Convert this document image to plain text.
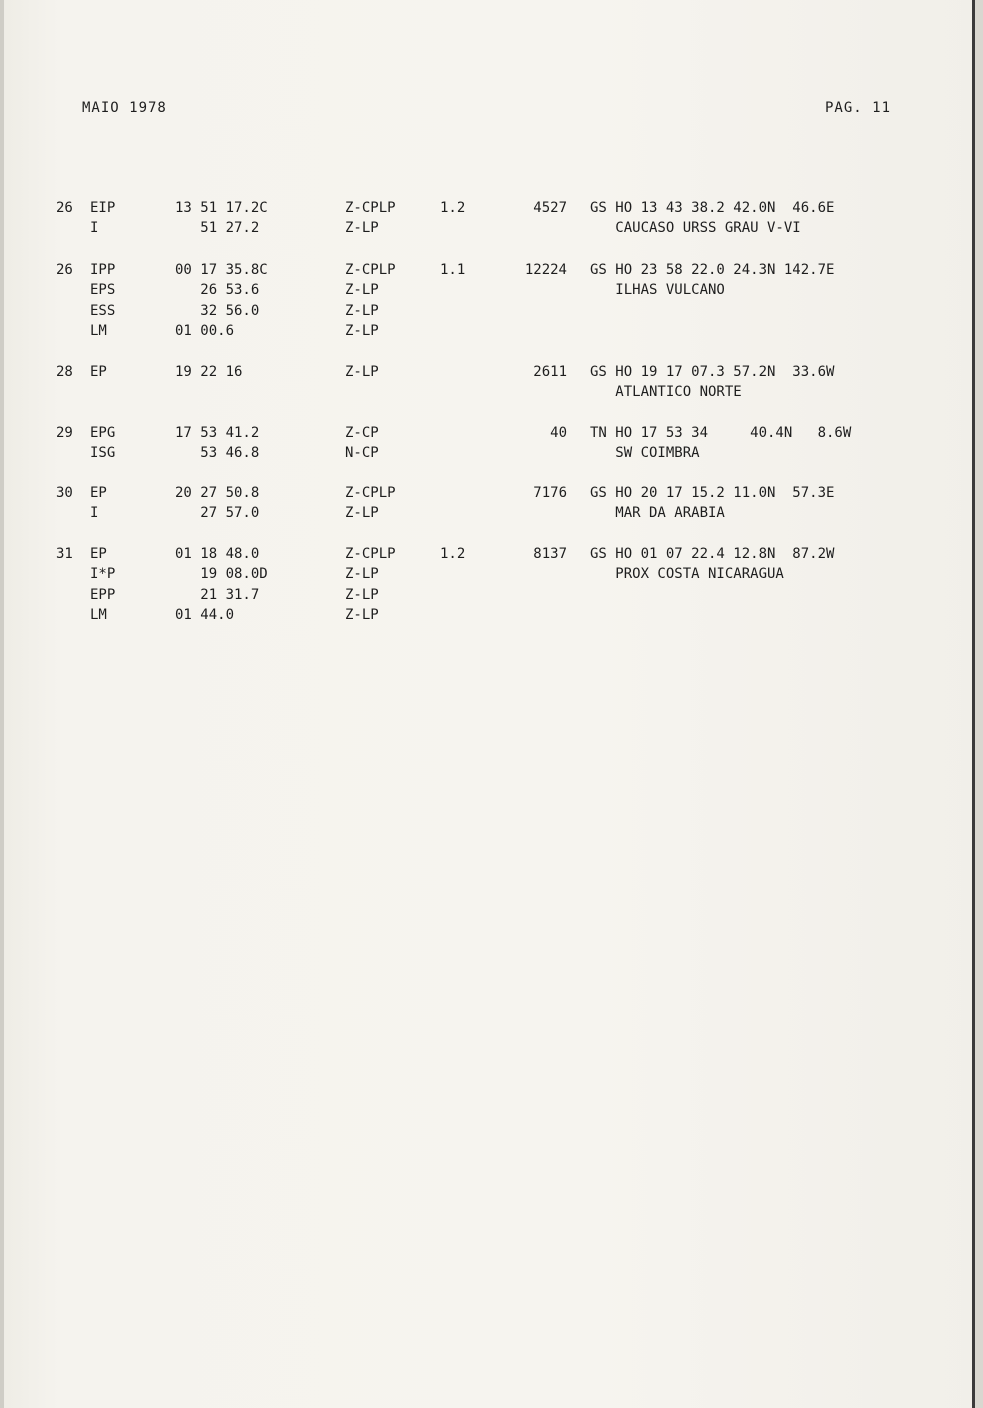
MAIO 1978	PAG. 11
26 EIP	13 51 17.2C	Z-CPLP	1.2	4527 GS HO 13 43 38.2 42.0N  46.6E
I	51 27.2	Z-LP	CAUCASO URSS GRAU V-VI
26 IPP	00 17 35.8C	Z-CPLP	1.1	12224 GS HO 23 58 22.0 24.3N 142.7E
EPS	26 53.6	Z-LP	ILHAS VULCANO
ESS	32 56.0	Z-LP
LM	01 00.6	Z-LP
28 EP	19 22 16	Z-LP	2611 GS HO 19 17 07.3 57.2N  33.6W
ATLANTICO NORTE
29 EPG	17 53 41.2	Z-CP	40 TN HO 17 53 34     40.4N   8.6W
ISG	53 46.8	N-CP	SW COIMBRA
30 EP	20 27 50.8	Z-CPLP	7176 GS HO 20 17 15.2 11.0N  57.3E
I	27 57.0	Z-LP	MAR DA ARABIA
31 EP	01 18 48.0	Z-CPLP	1.2	8137 GS HO 01 07 22.4 12.8N  87.2W
I*P	19 08.0D	Z-LP	PROX COSTA NICARAGUA
EPP	21 31.7	Z-LP
LM	01 44.0	Z-LP
